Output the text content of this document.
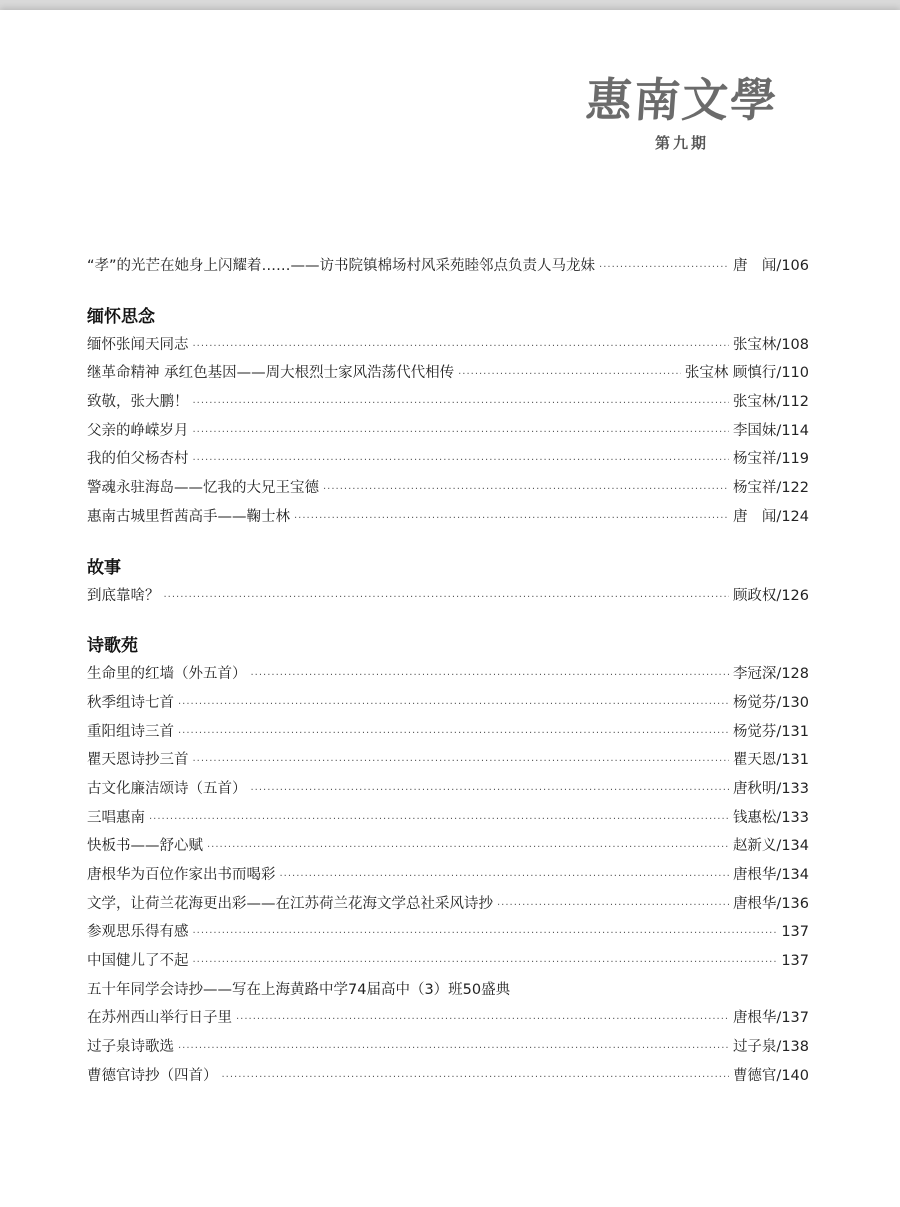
惠南文學
第九期
“孝”的光芒在她身上闪耀着……——访书院镇棉场村风采苑睦邻点负责人马龙妹 ·····	唐　闻/106
缅怀思念
缅怀张闻天同志 ·····	张宝林/108
继革命精神 承红色基因——周大根烈士家风浩荡代代相传 ·····	张宝林 顾慎行/110
致敬，张大鹏！ ·····	张宝林/112
父亲的峥嵘岁月 ·····	李国妹/114
我的伯父杨杏村 ·····	杨宝祥/119
警魂永驻海岛——忆我的大兄王宝德 ·····	杨宝祥/122
惠南古城里哲茜高手——鞠士林 ·····	唐　闻/124
故事
到底靠啥？ ·····	顾政权/126
诗歌苑
生命里的红墙（外五首） ·····	李冠深/128
秋季组诗七首 ·····	杨觉芬/130
重阳组诗三首 ·····	杨觉芬/131
瞿天恩诗抄三首 ·····	瞿天恩/131
古文化廉洁颂诗（五首） ·····	唐秋明/133
三唱惠南 ·····	钱惠松/133
快板书——舒心赋 ·····	赵新义/134
唐根华为百位作家出书而喝彩 ·····	唐根华/134
文学，让荷兰花海更出彩——在江苏荷兰花海文学总社采风诗抄 ·····	唐根华/136
参观思乐得有感 ·····	137
中国健儿了不起 ·····	137
五十年同学会诗抄——写在上海黄路中学74届高中（3）班50盛典
在苏州西山举行日子里 ·····	唐根华/137
过子泉诗歌选 ·····	过子泉/138
曹德官诗抄（四首） ·····	曹德官/140
